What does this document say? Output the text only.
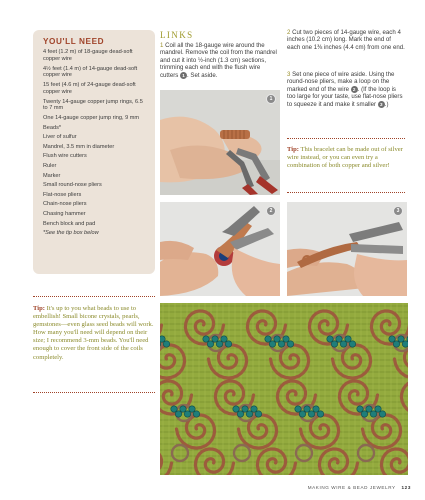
YOU'LL NEED
4 feet (1.2 m) of 18-gauge dead-soft copper wire
4½ feet (1.4 m) of 14-gauge dead-soft copper wire
15 feet (4.6 m) of 24-gauge dead-soft copper wire
Twenty 14-gauge copper jump rings, 6.5 to 7 mm
One 14-gauge copper jump ring, 9 mm
Beads*
Liver of sulfur
Mandrel, 3.5 mm in diameter
Flush wire cutters
Ruler
Marker
Small round-nose pliers
Flat-nose pliers
Chain-nose pliers
Chasing hammer
Bench block and pad
*See the tip box below
LINKS
1 Coil all the 18-gauge wire around the mandrel. Remove the coil from the mandrel and cut it into ½-inch (1.3 cm) sections, trimming each end with the flush wire cutters 1 . Set aside.
2 Cut two pieces of 14-gauge wire, each 4 inches (10.2 cm) long. Mark the end of each one 1⅜ inches (4.4 cm) from one end.
3 Set one piece of wire aside. Using the round-nose pliers, make a loop on the marked end of the wire 2 . (If the loop is too large for your taste, use flat-nose pliers to squeeze it and make it smaller 3 .)
Tip: This bracelet can be made out of silver wire instead, or you can even try a combination of both copper and silver!
1
2	3
Tip: It's up to you what beads to use to embellish! Small bicone crystals, pearls, gemstones—even glass seed beads will work. How many you'll need will depend on their size; I recommend 3-mm beads. You'll need enough to cover the front side of the coils completely.
MAKING WIRE & BEAD JEWELRY 123
